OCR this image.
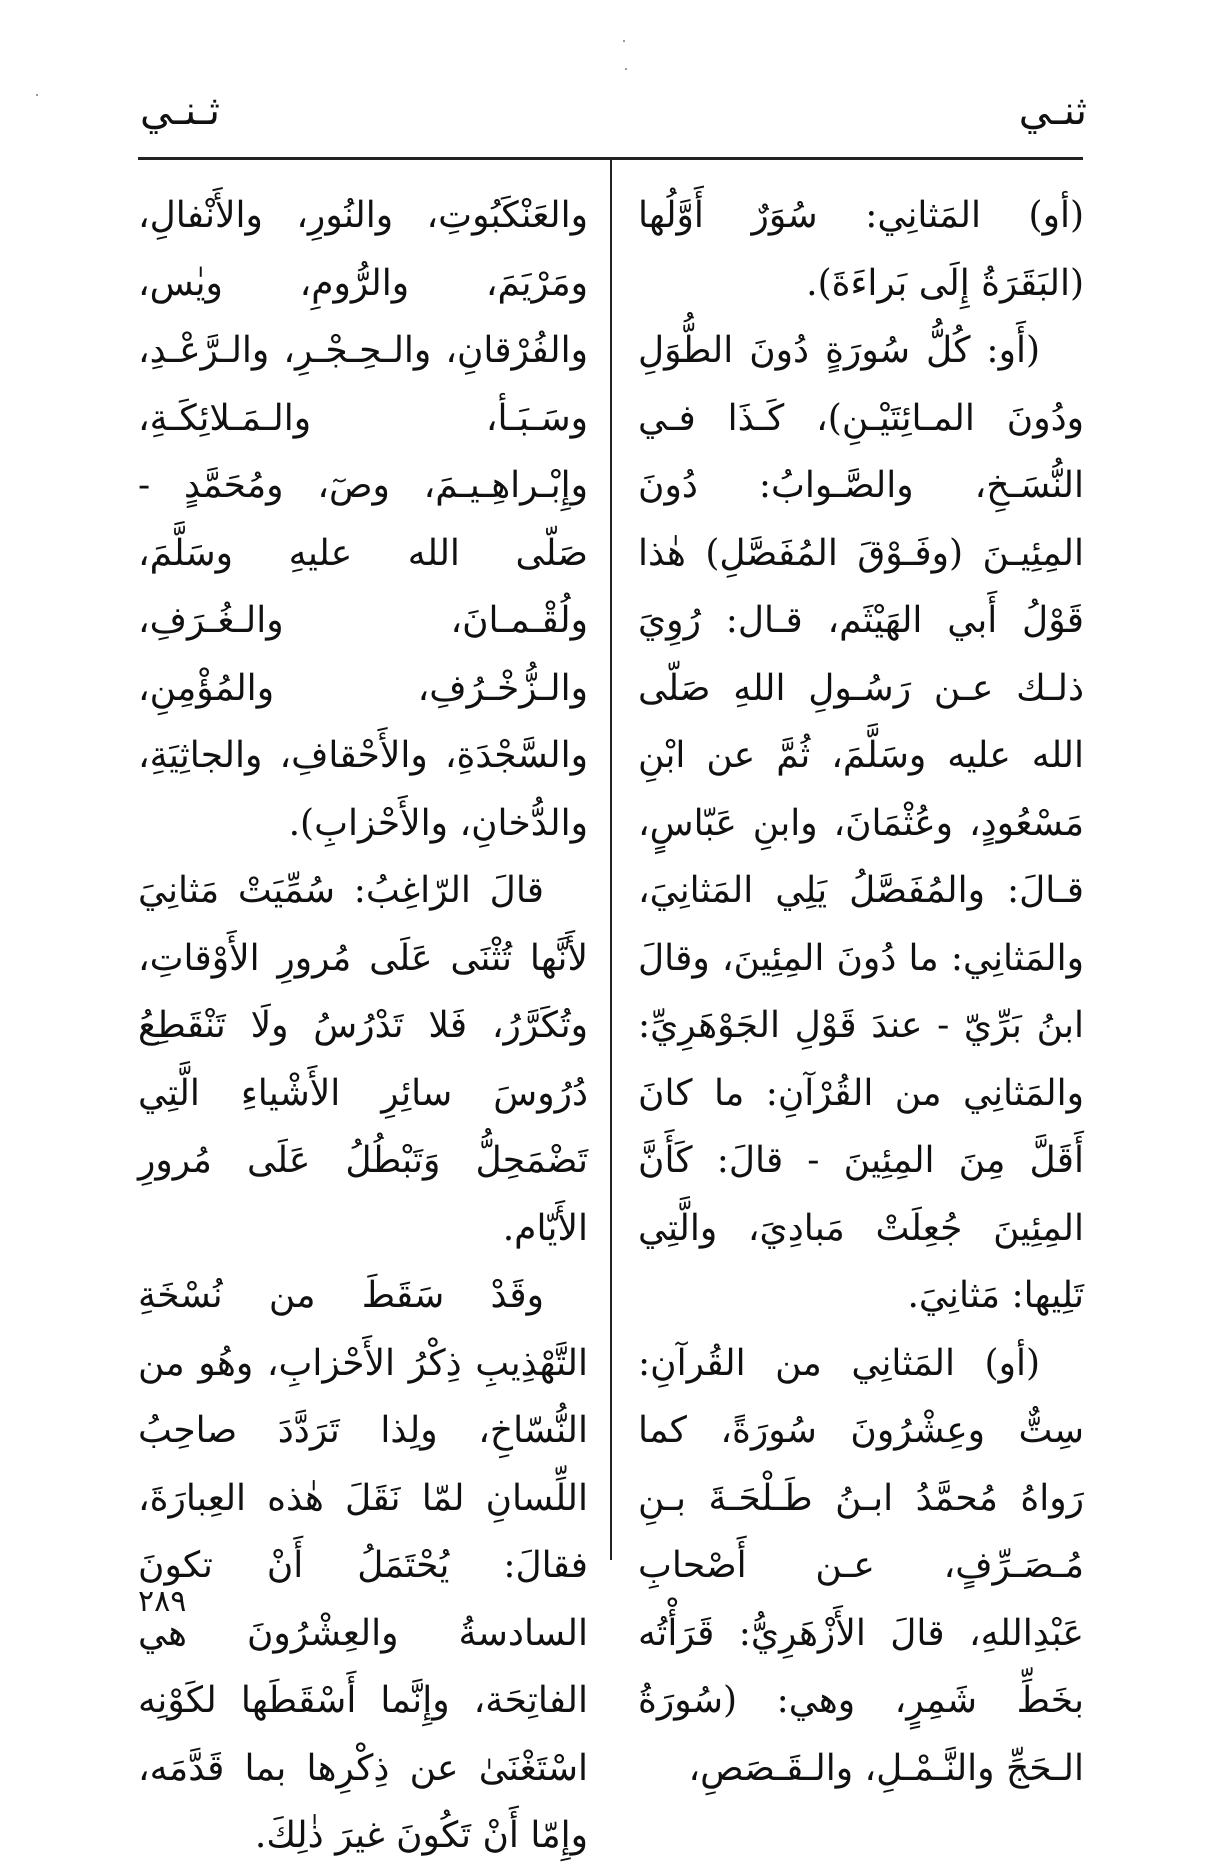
ثنـي
ثـنـي
(أو) المَثانِي: سُوَرٌ أَوَّلُها (البَقَرَةُ إِلَى بَراءَةَ).
(أَو: كُلُّ سُورَةٍ دُونَ الطُّوَلِ ودُونَ المـائِتَيْـنِ)، كَـذَا فـي النُّسَـخِ، والصَّـوابُ: دُونَ المِئِيـنَ (وفَـوْقَ المُفَصَّلِ) هٰذا قَوْلُ أَبي الهَيْثَم، قـال: رُوِيَ ذلـك عـن رَسُـولِ اللهِ صَلّى الله عليه وسَلَّمَ، ثُمَّ عن ابْنِ مَسْعُودٍ، وعُثْمَانَ، وابنِ عَبّاسٍ، قـالَ: والمُفَصَّلُ يَلِي المَثانِيَ، والمَثانِي: ما دُونَ المِئِينَ، وقالَ ابنُ بَرِّيّ - عندَ قَوْلِ الجَوْهَرِيِّ: والمَثانِي من القُرْآنِ: ما كانَ أَقَلَّ مِنَ المِئِينَ - قالَ: كَأَنَّ المِئِينَ جُعِلَتْ مَبادِيَ، والَّتِي تَلِيها: مَثانِيَ.
(أو) المَثانِي من القُرآنِ: سِتٌّ وعِشْرُونَ سُورَةً، كما رَواهُ مُحمَّدُ ابـنُ طَـلْحَـةَ بـنِ مُـصَـرِّفٍ، عـن أَصْحابِ عَبْدِاللهِ، قالَ الأَزْهَرِيُّ: قَرَأْتُه بخَطِّ شَمِرٍ، وهي: (سُورَةُ الـحَجِّ والنَّـمْـلِ، والـقَـصَصِ،
والعَنْكَبُوتِ، والنُورِ، والأَنْفالِ، ومَرْيَمَ، والرُّومِ، ويٰس، والفُرْقانِ، والـحِـجْـرِ، والـرَّعْـدِ، وسَـبَـأ، والـمَـلائِكَـةِ، وإِبْـراهِـيـمَ، وصٓ، ومُحَمَّدٍ - صَلّى الله عليهِ وسَلَّمَ، ولُقْـمـانَ، والـغُـرَفِ، والـزُّخْـرُفِ، والمُؤْمِنِ، والسَّجْدَةِ، والأَحْقافِ، والجاثِيَةِ، والدُّخانِ، والأَحْزابِ).
قالَ الرّاغِبُ: سُمِّيَتْ مَثانِيَ لأَنَّها تُثْنَى عَلَى مُرورِ الأَوْقاتِ، وتُكَرَّرُ، فَلا تَدْرُسُ ولَا تَنْقَطِعُ دُرُوسَ سائِرِ الأَشْياءِ الَّتِي تَضْمَحِلُّ وَتَبْطُلُ عَلَى مُرورِ الأَيّام.
وقَدْ سَقَطَ من نُسْخَةِ التَّهْذِيبِ ذِكْرُ الأَحْزابِ، وهُو من النُّسّاخِ، ولِذا تَرَدَّدَ صاحِبُ اللِّسانِ لمّا نَقَلَ هٰذه العِبارَةَ، فقالَ: يُحْتَمَلُ أَنْ تكونَ السادسةُ والعِشْرُونَ هي الفاتِحَة، وإِنَّما أَسْقَطَها لكَوْنِه اسْتَغْنَىٰ عن ذِكْرِها بما قَدَّمَه، وإِمّا أَنْ تَكُونَ غيرَ ذٰلِكَ.
٢٨٩
